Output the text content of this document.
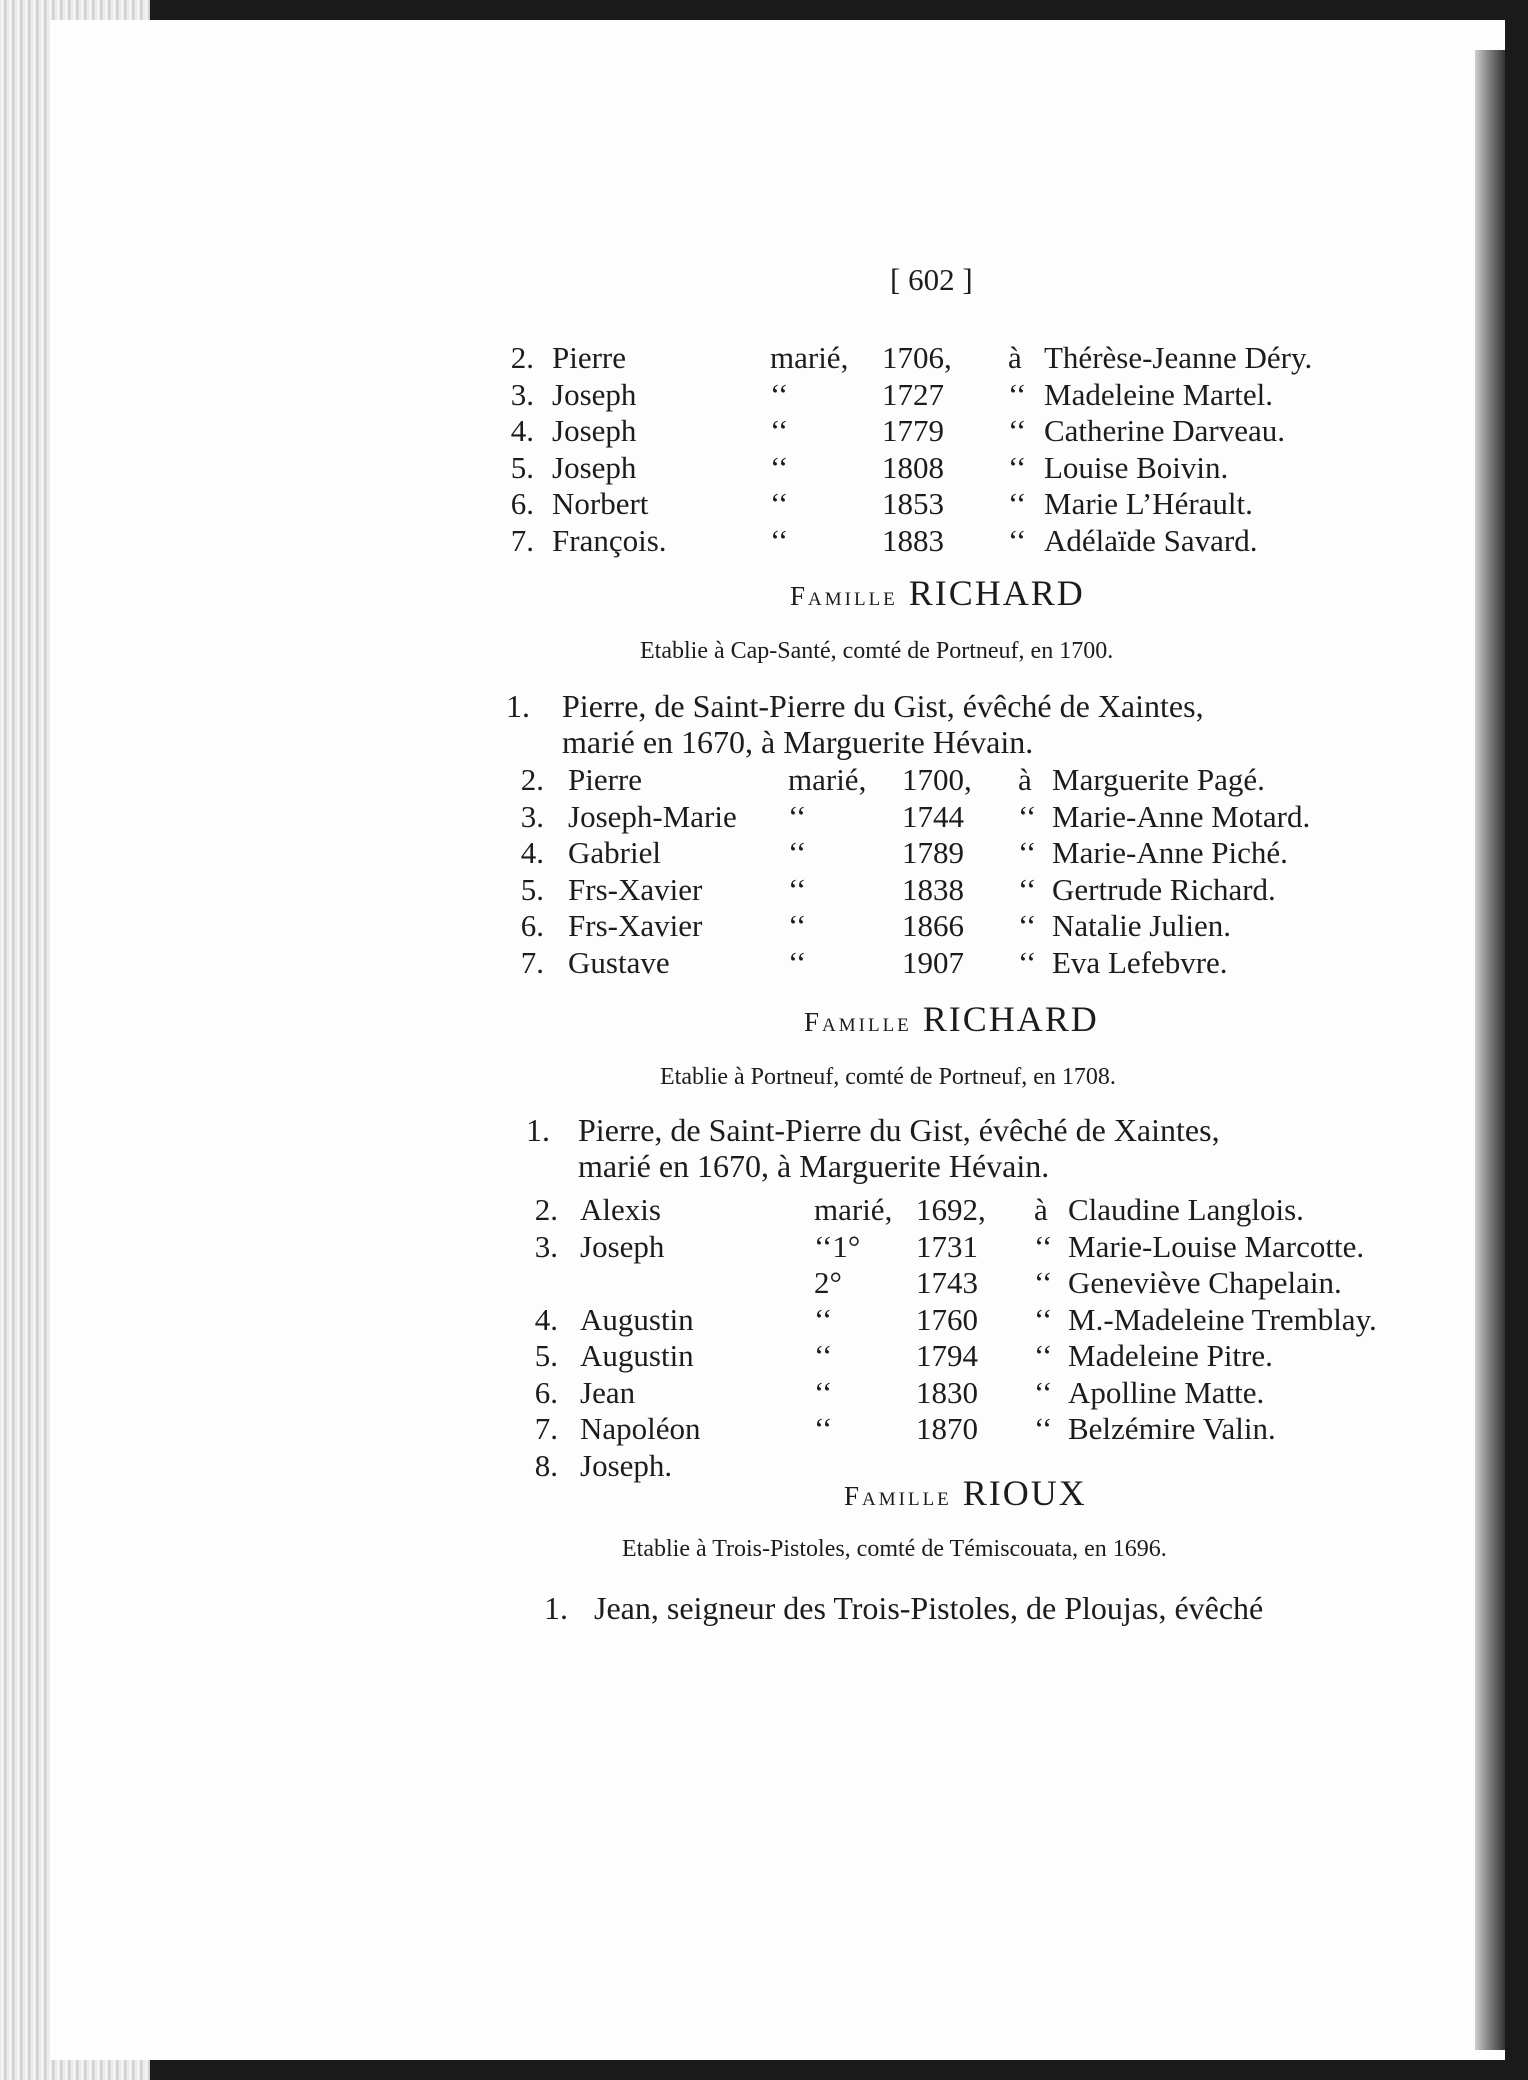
[ 602 ]
2. Pierre	marié, 1706, à Thérèse-Jeanne Déry.
3. Joseph	‘‘	1727 ‘‘ Madeleine Martel.
4. Joseph	‘‘	1779 ‘‘ Catherine Darveau.
5. Joseph	‘‘	1808 ‘‘ Louise Boivin.
6. Norbert	‘‘	1853 ‘‘ Marie L’Hérault.
7. François.	‘‘	1883 ‘‘ Adélaïde Savard.
Famille RICHARD
Etablie à Cap-Santé, comté de Portneuf, en 1700.
1. Pierre, de Saint-Pierre du Gist, évêché de Xaintes,
marié en 1670, à Marguerite Hévain.
2. Pierre	marié, 1700, à Marguerite Pagé.
3. Joseph-Marie ‘‘	1744 ‘‘ Marie-Anne Motard.
4. Gabriel	‘‘	1789 ‘‘ Marie-Anne Piché.
5. Frs-Xavier	‘‘	1838 ‘‘ Gertrude Richard.
6. Frs-Xavier	‘‘	1866 ‘‘ Natalie Julien.
7. Gustave	‘‘	1907 ‘‘ Eva Lefebvre.
Famille RICHARD
Etablie à Portneuf, comté de Portneuf, en 1708.
1. Pierre, de Saint-Pierre du Gist, évêché de Xaintes,
marié en 1670, à Marguerite Hévain.
2. Alexis	marié, 1692, à Claudine Langlois.
3. Joseph	‘‘1° 1731 ‘‘ Marie-Louise Marcotte.
2° 1743 ‘‘ Geneviève Chapelain.
4. Augustin	‘‘	1760 ‘‘ M.-Madeleine Tremblay.
5. Augustin	‘‘	1794 ‘‘ Madeleine Pitre.
6. Jean	‘‘	1830 ‘‘ Apolline Matte.
7. Napoléon	‘‘	1870 ‘‘ Belzémire Valin.
8. Joseph.
Famille RIOUX
Etablie à Trois-Pistoles, comté de Témiscouata, en 1696.
1. Jean, seigneur des Trois-Pistoles, de Ploujas, évêché
